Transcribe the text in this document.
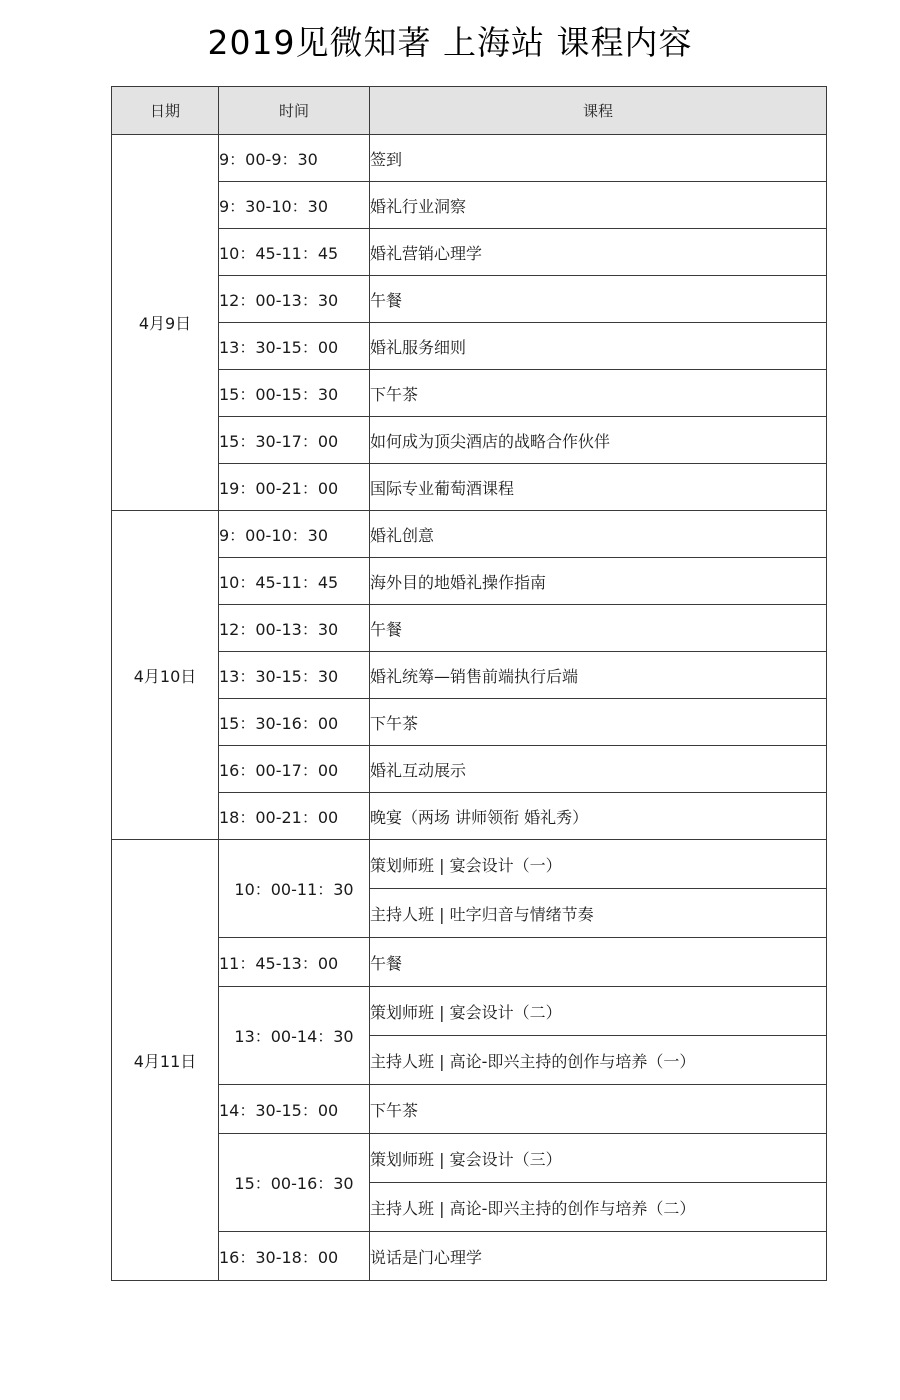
2019见微知著 上海站 课程内容
日期	时间	课程
4月9日	9：00-9：30	签到
	9：30-10：30	婚礼行业洞察
	10：45-11：45	婚礼营销心理学
	12：00-13：30	午餐
	13：30-15：00	婚礼服务细则
	15：00-15：30	下午茶
	15：30-17：00	如何成为顶尖酒店的战略合作伙伴
	19：00-21：00	国际专业葡萄酒课程
4月10日	9：00-10：30	婚礼创意
	10：45-11：45	海外目的地婚礼操作指南
	12：00-13：30	午餐
	13：30-15：30	婚礼统筹—销售前端执行后端
	15：30-16：00	下午茶
	16：00-17：00	婚礼互动展示
	18：00-21：00	晚宴（两场 讲师领衔 婚礼秀）
4月11日	10：00-11：30	策划师班 | 宴会设计（一）
		主持人班 | 吐字归音与情绪节奏
	11：45-13：00	午餐
	13：00-14：30	策划师班 | 宴会设计（二）
		主持人班 | 高论-即兴主持的创作与培养（一）
	14：30-15：00	下午茶
	15：00-16：30	策划师班 | 宴会设计（三）
		主持人班 | 高论-即兴主持的创作与培养（二）
	16：30-18：00	说话是门心理学
